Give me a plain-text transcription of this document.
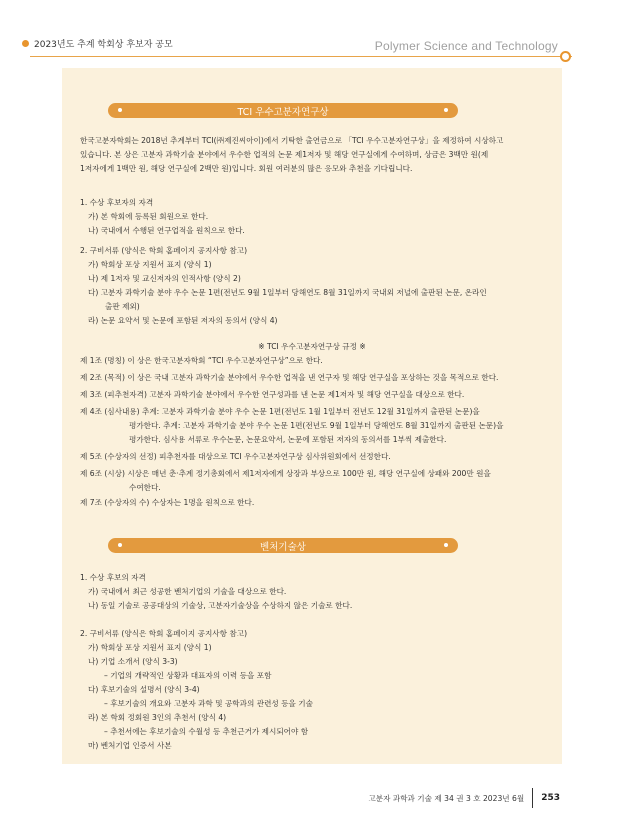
2023년도 추계 학회상 후보자 공모	Polymer Science and Technology
TCI 우수고분자연구상
한국고분자학회는 2018년 추계부터 TCI(㈜제진씨아이)에서 기탁한 출연금으로 「TCI 우수고분자연구상」을 제정하여 시상하고
있습니다. 본 상은 고분자 과학기술 분야에서 우수한 업적의 논문 제1저자 및 해당 연구실에게 수여하며, 상금은 3백만 원(제
1저자에게 1백만 원, 해당 연구실에 2백만 원)입니다. 회원 여러분의 많은 응모와 추천을 기다립니다.
1. 수상 후보자의 자격
가) 본 학회에 등록된 회원으로 한다.
나) 국내에서 수행된 연구업적을 원칙으로 한다.
2. 구비서류 (양식은 학회 홈페이지 공지사항 참고)
가) 학회상 포상 지원서 표지 (양식 1)
나) 제 1저자 및 교신저자의 인적사항 (양식 2)
다) 고분자 과학기술 분야 우수 논문 1편(전년도 9월 1일부터 당해연도 8월 31일까지 국내외 저널에 출판된 논문, 온라인
출판 제외)
라) 논문 요약서 및 논문에 포함된 저자의 동의서 (양식 4)
※ TCI 우수고분자연구상 규정 ※
제 1조 (명칭) 이 상은 한국고분자학회 “TCI 우수고분자연구상”으로 한다.
제 2조 (목적) 이 상은 국내 고분자 과학기술 분야에서 우수한 업적을 낸 연구자 및 해당 연구실을 포상하는 것을 목적으로 한다.
제 3조 (피추천자격) 고분자 과학기술 분야에서 우수한 연구성과를 낸 논문 제1저자 및 해당 연구실을 대상으로 한다.
제 4조 (심사내용) 추계: 고분자 과학기술 분야 우수 논문 1편(전년도 1월 1일부터 전년도 12월 31일까지 출판된 논문)을
평가한다. 추계: 고분자 과학기술 분야 우수 논문 1편(전년도 9월 1일부터 당해연도 8월 31일까지 출판된 논문)을
평가한다. 심사용 서류로 우수논문, 논문요약서, 논문에 포함된 저자의 동의서를 1부씩 제출한다.
제 5조 (수상자의 선정) 피추천자를 대상으로 TCI 우수고분자연구상 심사위원회에서 선정한다.
제 6조 (시상) 시상은 매년 춘·추계 정기총회에서 제1저자에게 상장과 부상으로 100만 원, 해당 연구실에 상패와 200만 원을
수여한다.
제 7조 (수상자의 수) 수상자는 1명을 원칙으로 한다.
벤처기술상
1. 수상 후보의 자격
가) 국내에서 최근 성공한 벤처기업의 기술을 대상으로 한다.
나) 동일 기술로 공공대상의 기술상, 고분자기술상을 수상하지 않은 기술로 한다.
2. 구비서류 (양식은 학회 홈페이지 공지사항 참고)
가) 학회상 포상 지원서 표지 (양식 1)
나) 기업 소개서 (양식 3-3)
– 기업의 개략적인 상황과 대표자의 이력 등을 포함
다) 후보기술의 설명서 (양식 3-4)
– 후보기술의 개요와 고분자 과학 및 공학과의 관련성 등을 기술
라) 본 학회 정회원 3인의 추천서 (양식 4)
– 추천서에는 후보기술의 수월성 등 추천근거가 제시되어야 함
마) 벤처기업 인증서 사본
고분자 과학과 기술 제 34 권 3 호 2023년 6월 253
